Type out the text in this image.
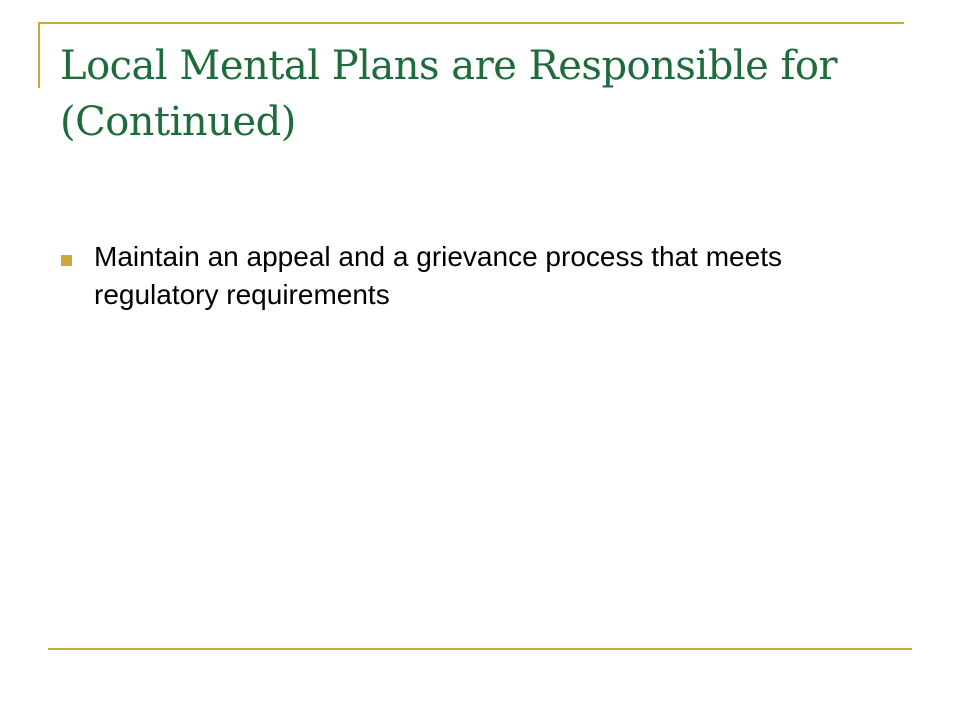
Local Mental Plans are Responsible for (Continued)
Maintain an appeal and a grievance process that meets regulatory requirements
